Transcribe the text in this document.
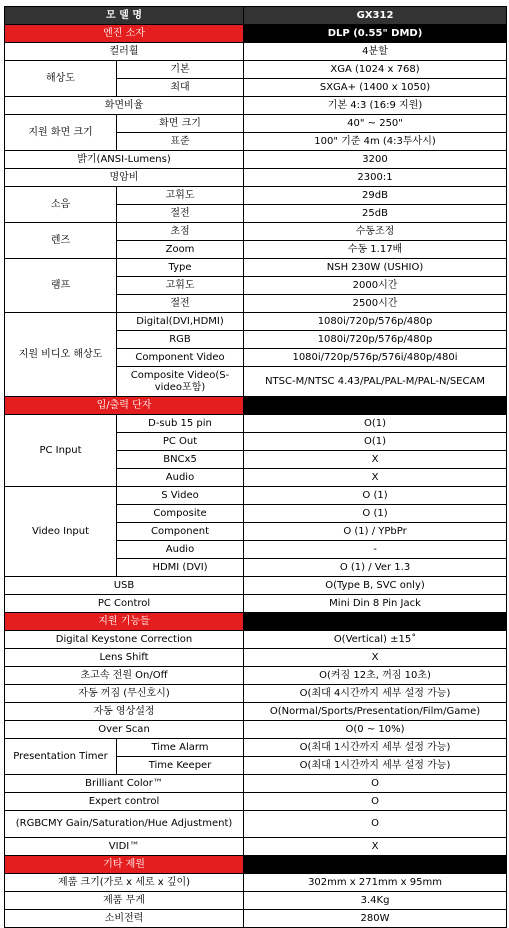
모 델 명		GX312
엔진 소자		DLP (0.55" DMD)
컬러휠		4분할
해상도	기본	XGA (1024 x 768)
	최대	SXGA+ (1400 x 1050)
화면비율		기본 4:3 (16:9 지원)
지원 화면 크기	화면 크기	40" ~ 250"
	표준	100" 기준 4m (4:3투사시)
밝기(ANSI-Lumens)		3200
명암비		2300:1
소음	고휘도	29dB
	절전	25dB
렌즈	초점	수동조정
	Zoom	수동 1.17배
램프	Type	NSH 230W (USHIO)
	고휘도	2000시간
	절전	2500시간
지원 비디오 해상도	Digital(DVI,HDMI)	1080i/720p/576p/480p
	RGB	1080i/720p/576p/480p
	Component Video	1080i/720p/576p/576i/480p/480i
	Composite Video(S-video포함)	NTSC-M/NTSC 4.43/PAL/PAL-M/PAL-N/SECAM
입/출력 단자		
PC Input	D-sub 15 pin	O(1)
	PC Out	O(1)
	BNCx5	X
	Audio	X
Video Input	S Video	O (1)
	Composite	O (1)
	Component	O (1) / YPbPr
	Audio	-
	HDMI (DVI)	O (1) / Ver 1.3
USB		O(Type B, SVC only)
PC Control		Mini Din 8 Pin Jack
지원 기능들		
Digital Keystone Correction		O(Vertical) ±15˚
Lens Shift		X
초고속 전원 On/Off		O(켜짐 12초, 꺼짐 10초)
자동 꺼짐 (무신호시)		O(최대 4시간까지 세부 설정 가능)
자동 영상설정		O(Normal/Sports/Presentation/Film/Game)
Over Scan		O(0 ~ 10%)
Presentation Timer	Time Alarm	O(최대 1시간까지 세부 설정 가능)
	Time Keeper	O(최대 1시간까지 세부 설정 가능)
Brilliant Color™		O
Expert control		O
(RGBCMY Gain/Saturation/Hue Adjustment)		O
VIDI™		X
기타 제원		
제품 크기(가로 x 세로 x 깊이)		302mm x 271mm x 95mm
제품 무게		3.4Kg
소비전력		280W
